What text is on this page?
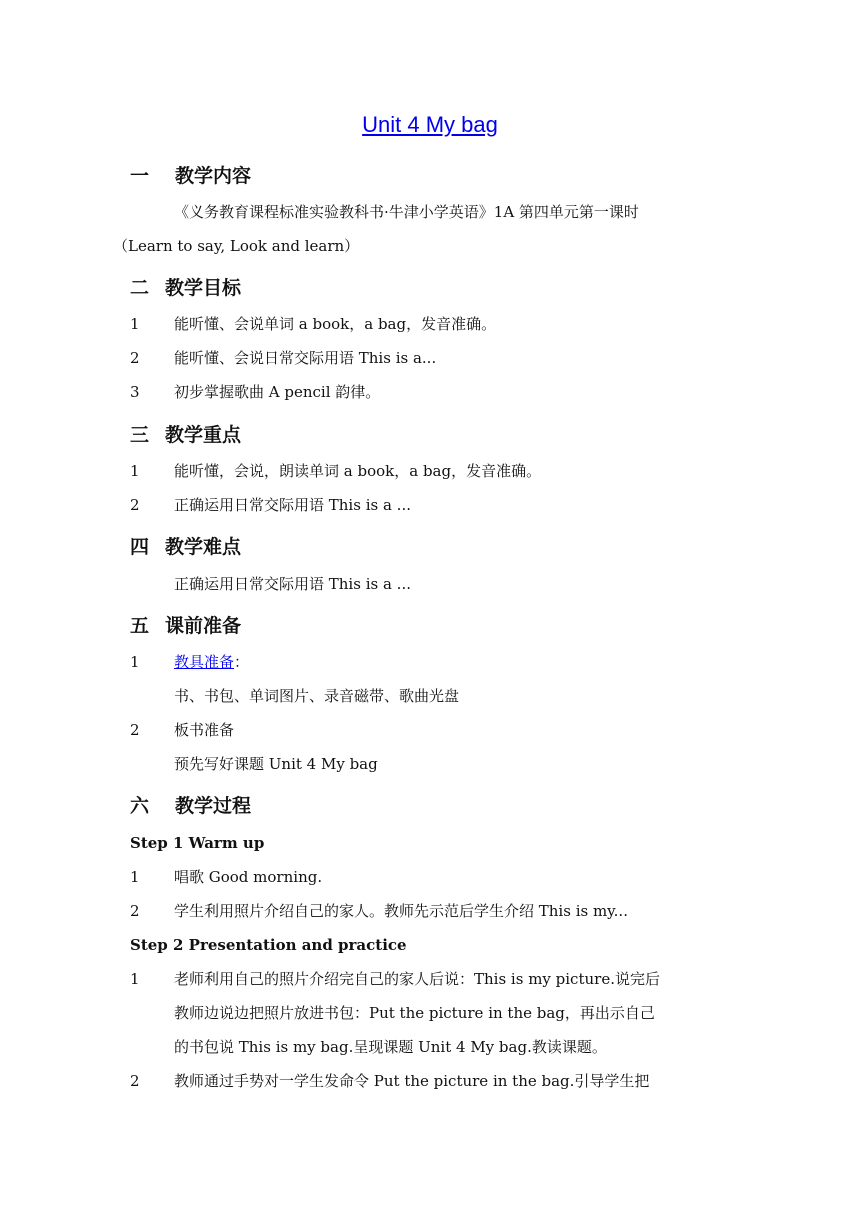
Unit 4 My bag
一 教学内容
《义务教育课程标准实验教科书·牛津小学英语》1A 第四单元第一课时
（Learn to say, Look and learn）
二 教学目标
1 能听懂、会说单词 a book，a bag，发音准确。
2 能听懂、会说日常交际用语 This is a...
3 初步掌握歌曲 A pencil 韵律。
三 教学重点
1 能听懂，会说，朗读单词 a book，a bag，发音准确。
2 正确运用日常交际用语 This is a ...
四 教学难点
正确运用日常交际用语 This is a ...
五 课前准备
1 教具准备：
书、书包、单词图片、录音磁带、歌曲光盘
2 板书准备
预先写好课题 Unit 4 My bag
六 教学过程
Step 1 Warm up
1 唱歌 Good morning.
2 学生利用照片介绍自己的家人。教师先示范后学生介绍 This is my...
Step 2 Presentation and practice
1 老师利用自己的照片介绍完自己的家人后说：This is my picture.说完后
教师边说边把照片放进书包：Put the picture in the bag，再出示自己
的书包说 This is my bag.呈现课题 Unit 4 My bag.教读课题。
2 教师通过手势对一学生发命令 Put the picture in the bag.引导学生把
